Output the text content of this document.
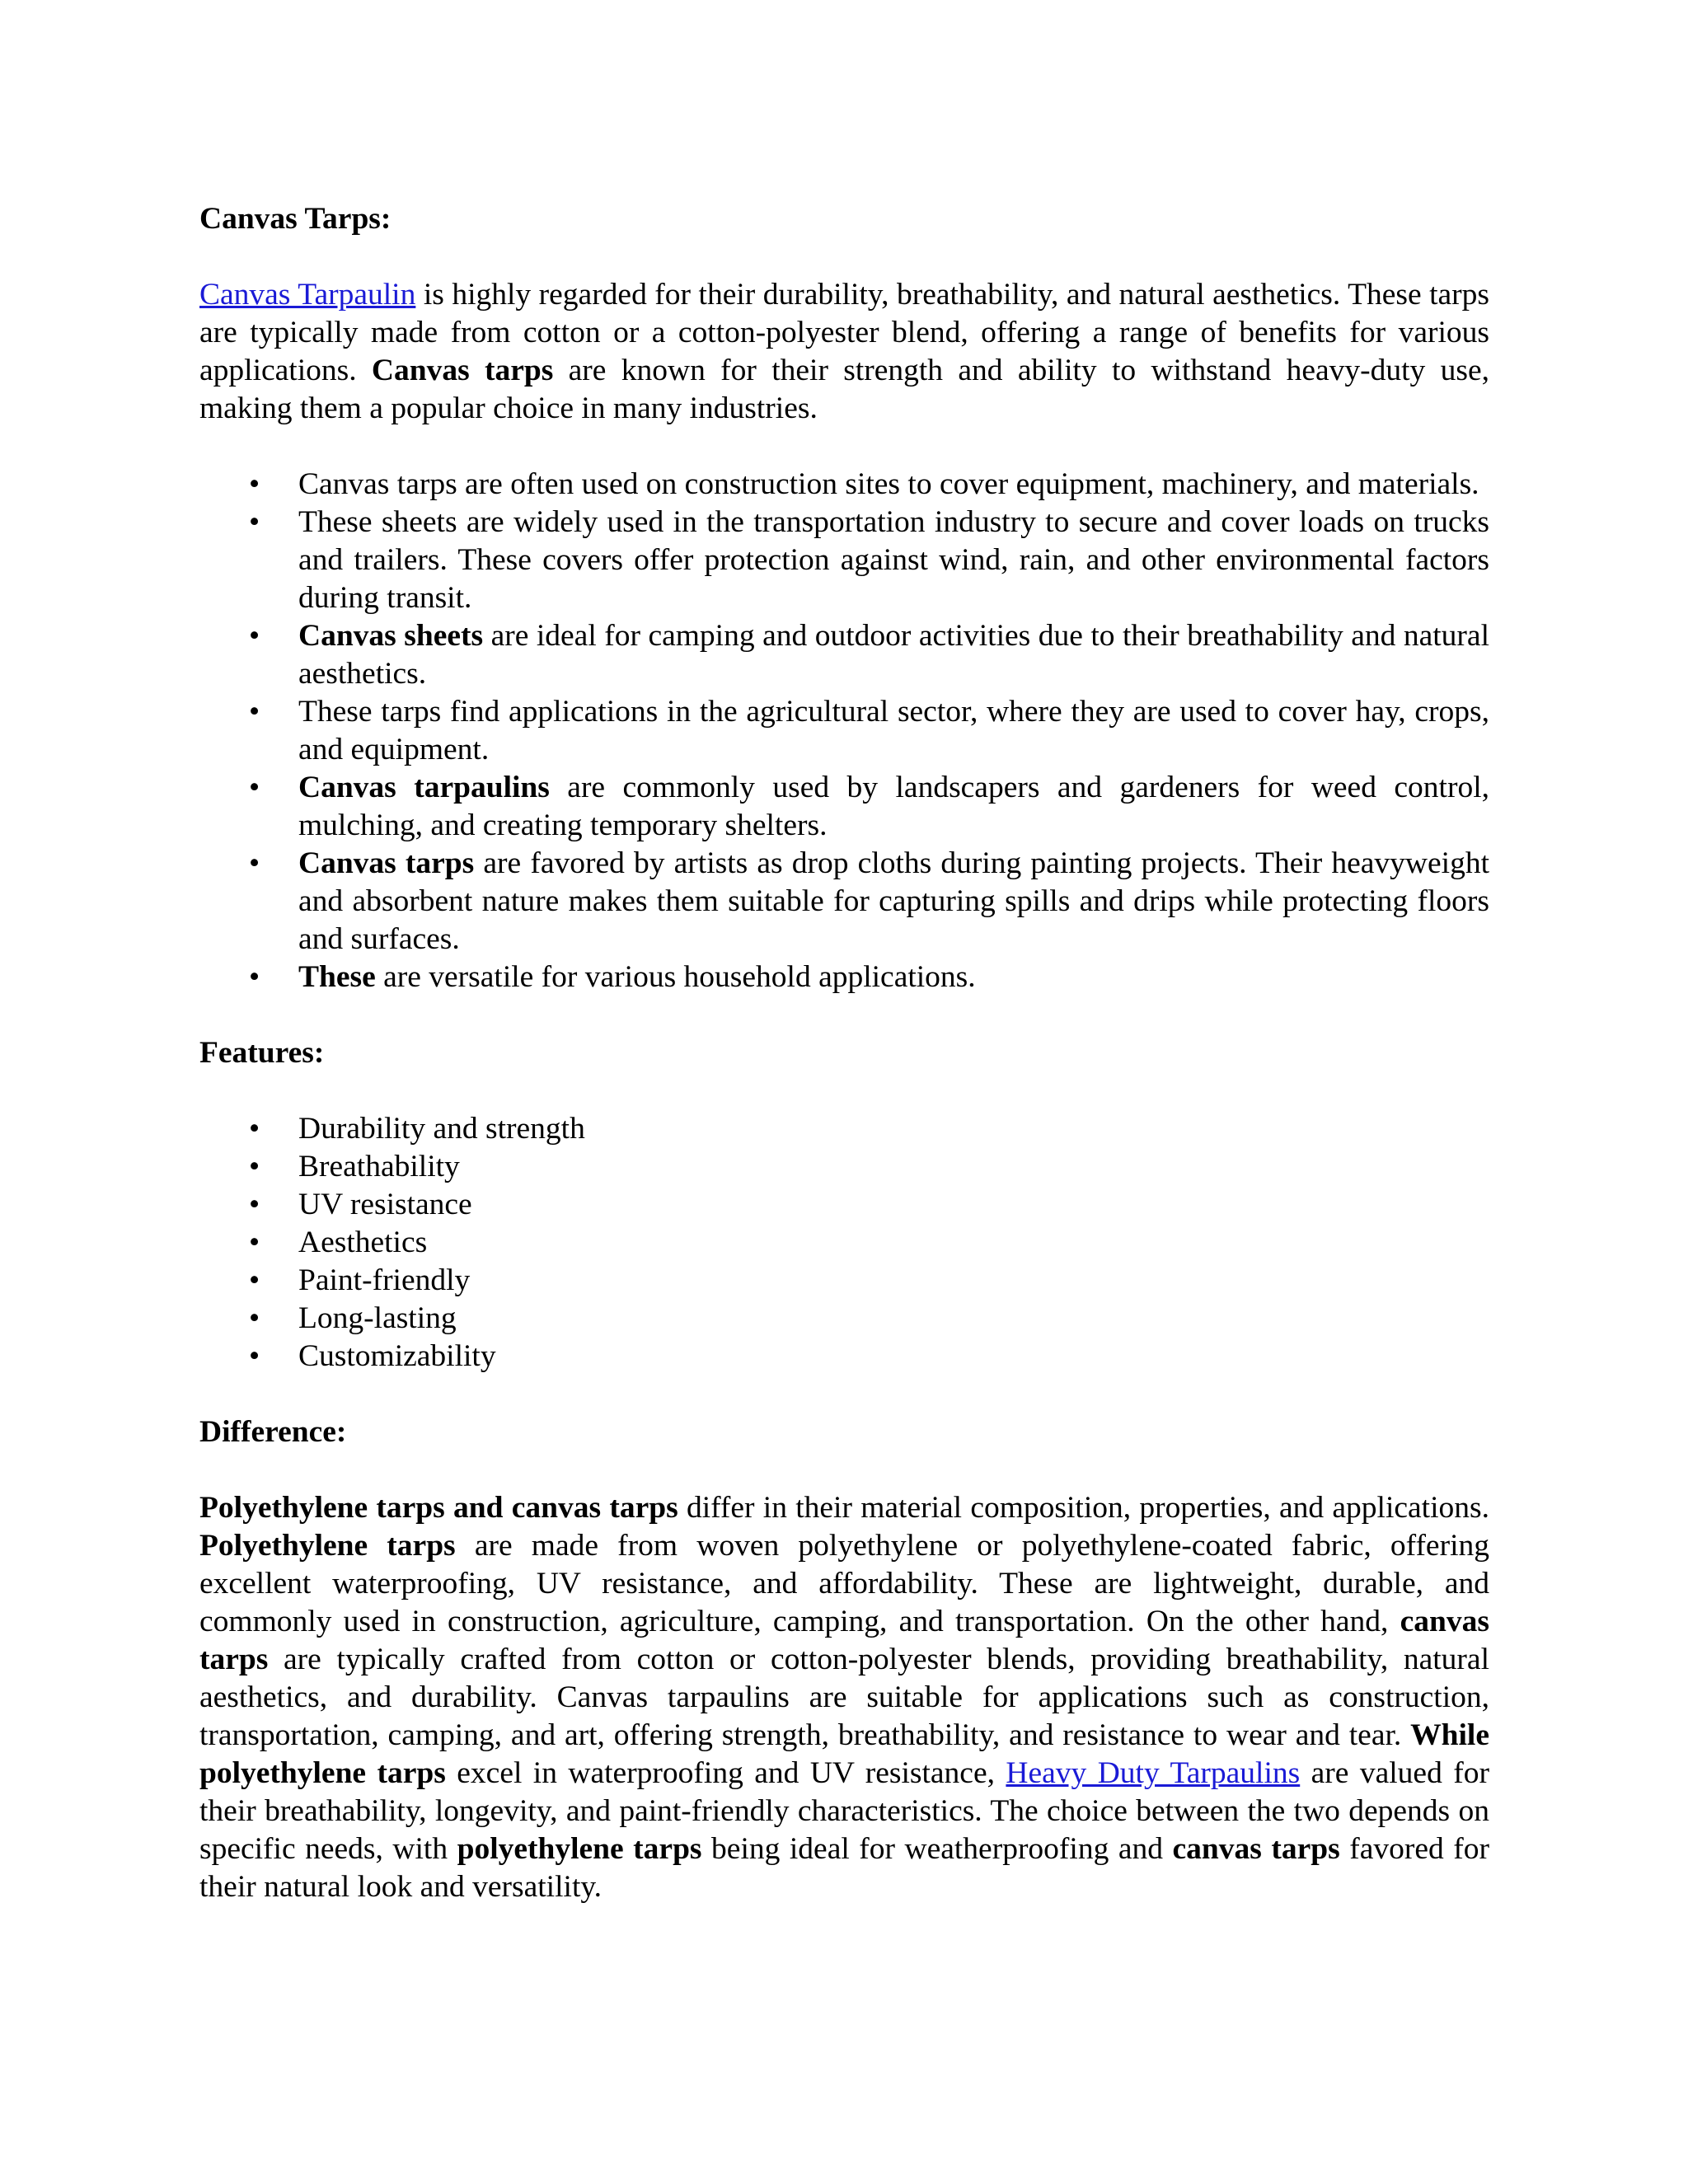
Canvas Tarps:

Canvas Tarpaulin is highly regarded for their durability, breathability, and natural aesthetics. These tarps are typically made from cotton or a cotton-polyester blend, offering a range of benefits for various applications. Canvas tarps are known for their strength and ability to withstand heavy-duty use, making them a popular choice in many industries.

• Canvas tarps are often used on construction sites to cover equipment, machinery, and materials.
• These sheets are widely used in the transportation industry to secure and cover loads on trucks and trailers. These covers offer protection against wind, rain, and other environmental factors during transit.
• Canvas sheets are ideal for camping and outdoor activities due to their breathability and natural aesthetics.
• These tarps find applications in the agricultural sector, where they are used to cover hay, crops, and equipment.
• Canvas tarpaulins are commonly used by landscapers and gardeners for weed control, mulching, and creating temporary shelters.
• Canvas tarps are favored by artists as drop cloths during painting projects. Their heavyweight and absorbent nature makes them suitable for capturing spills and drips while protecting floors and surfaces.
• These are versatile for various household applications.
Features:
• Durability and strength
• Breathability
• UV resistance
• Aesthetics
• Paint-friendly
• Long-lasting
• Customizability
Difference:

Polyethylene tarps and canvas tarps differ in their material composition, properties, and applications. Polyethylene tarps are made from woven polyethylene or polyethylene-coated fabric, offering excellent waterproofing, UV resistance, and affordability. These are lightweight, durable, and commonly used in construction, agriculture, camping, and transportation. On the other hand, canvas tarps are typically crafted from cotton or cotton-polyester blends, providing breathability, natural aesthetics, and durability. Canvas tarpaulins are suitable for applications such as construction, transportation, camping, and art, offering strength, breathability, and resistance to wear and tear. While polyethylene tarps excel in waterproofing and UV resistance, Heavy Duty Tarpaulins are valued for their breathability, longevity, and paint-friendly characteristics. The choice between the two depends on specific needs, with polyethylene tarps being ideal for weatherproofing and canvas tarps favored for their natural look and versatility.
